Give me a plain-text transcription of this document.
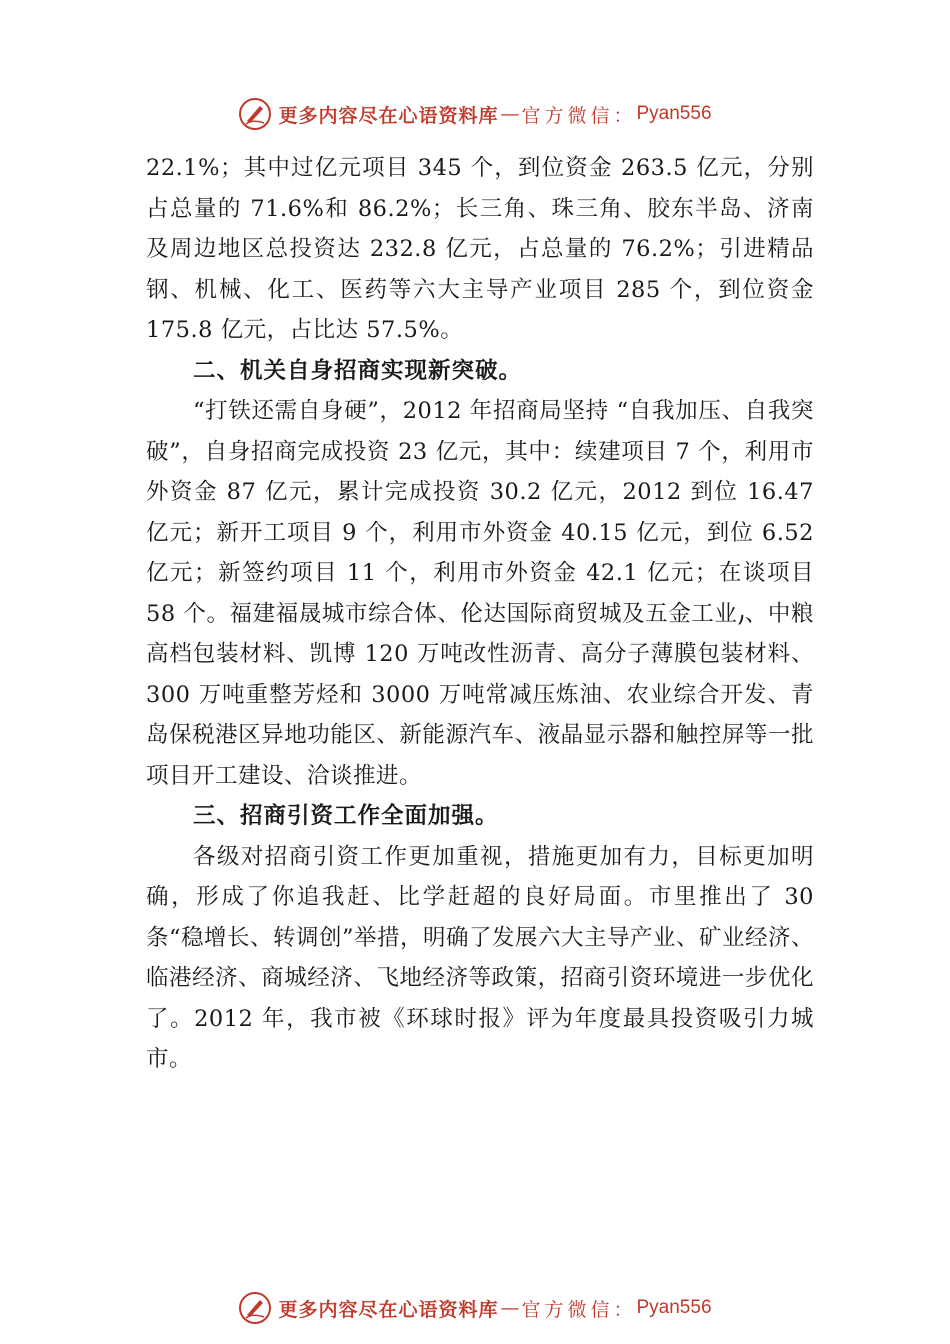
更多内容尽在心语资料库 — 官方微信： Pyan556

22.1%；其中过亿元项目 345 个，到位资金 263.5 亿元，分别占总量的 71.6%和 86.2%；长三角、珠三角、胶东半岛、济南及周边地区总投资达 232.8 亿元，占总量的 76.2%；引进精品钢、机械、化工、医药等六大主导产业项目 285 个，到位资金 175.8 亿元，占比达 57.5%。

二、机关自身招商实现新突破。

“打铁还需自身硬”，2012 年招商局坚持 “自我加压、自我突破”，自身招商完成投资 23 亿元，其中：续建项目 7 个，利用市外资金 87 亿元，累计完成投资 30.2 亿元，2012 到位 16.47 亿元；新开工项目 9 个，利用市外资金 40.15 亿元，到位 6.52 亿元；新签约项目 11 个，利用市外资金 42.1 亿元；在谈项目 58 个。福建福晟城市综合体、伦达国际商贸城及五金工业⹜、中粮高档包装材料、凯博 120 万吨改性沥青、高分子薄膜包装材料、300 万吨重整芳烃和 3000 万吨常减压炼油、农业综合开发、青岛保税港区异地功能区、新能源汽车、液晶显示器和触控屏等一批项目开工建设、洽谈推进。

三、招商引资工作全面加强。

各级对招商引资工作更加重视，措施更加有力，目标更加明确，形成了你追我赶、比学赶超的良好局面。市里推出了 30 条“稳增长、转调创”举措，明确了发展六大主导产业、矿业经济、临港经济、商城经济、飞地经济等政策，招商引资环境进一步优化了。2012 年，我市被《环球时报》评为年度最具投资吸引力城市。

更多内容尽在心语资料库 — 官方微信： Pyan556
